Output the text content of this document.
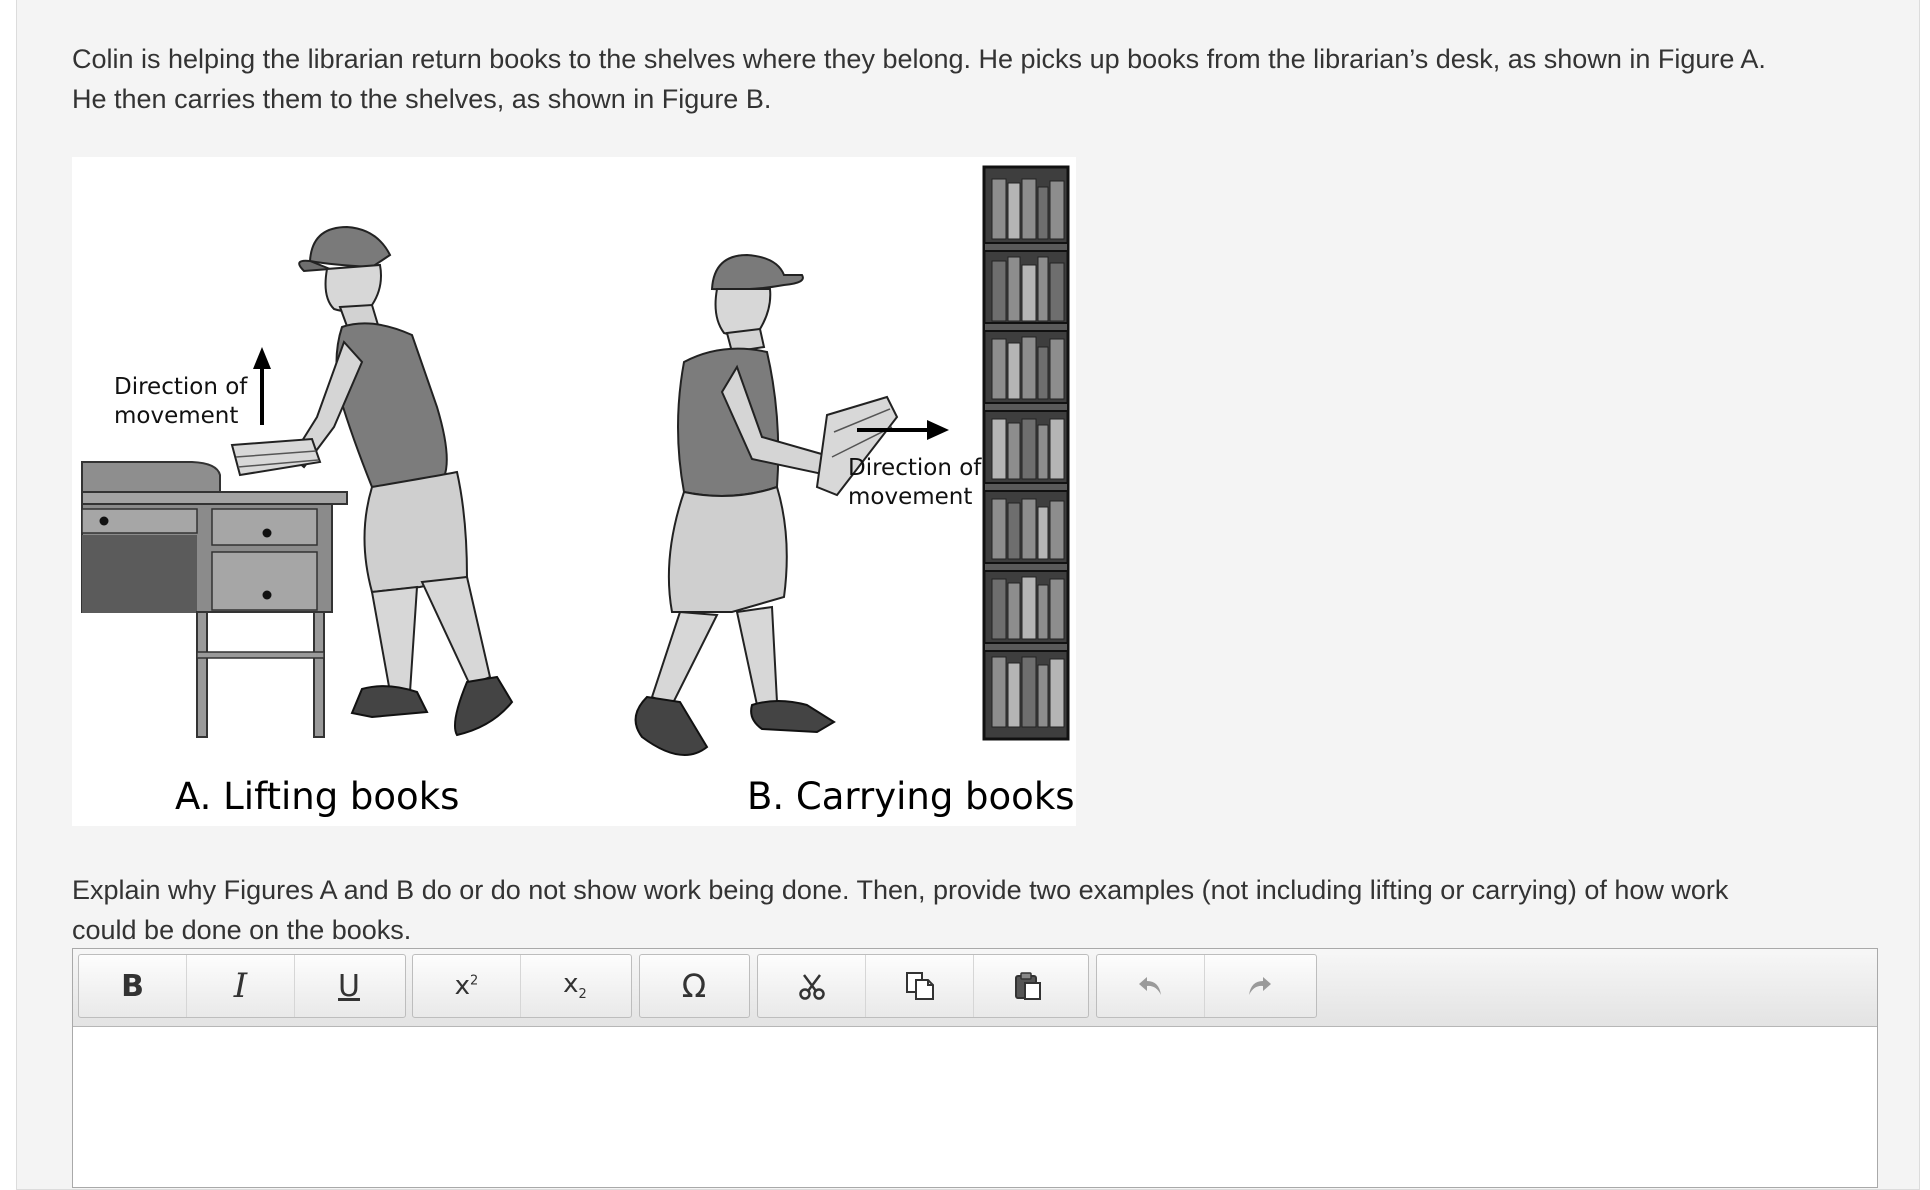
Colin is helping the librarian return books to the shelves where they belong. He picks up books from the librarian’s desk, as shown in Figure A.
He then carries them to the shelves, as shown in Figure B.
Direction of
movement
Direction of
movement
A. Lifting books	B. Carrying books
Explain why Figures A and B do or do not show work being done. Then, provide two examples (not including lifting or carrying) of how work
could be done on the books.
B	I	U	$x^2$	$x_2$	Ω
